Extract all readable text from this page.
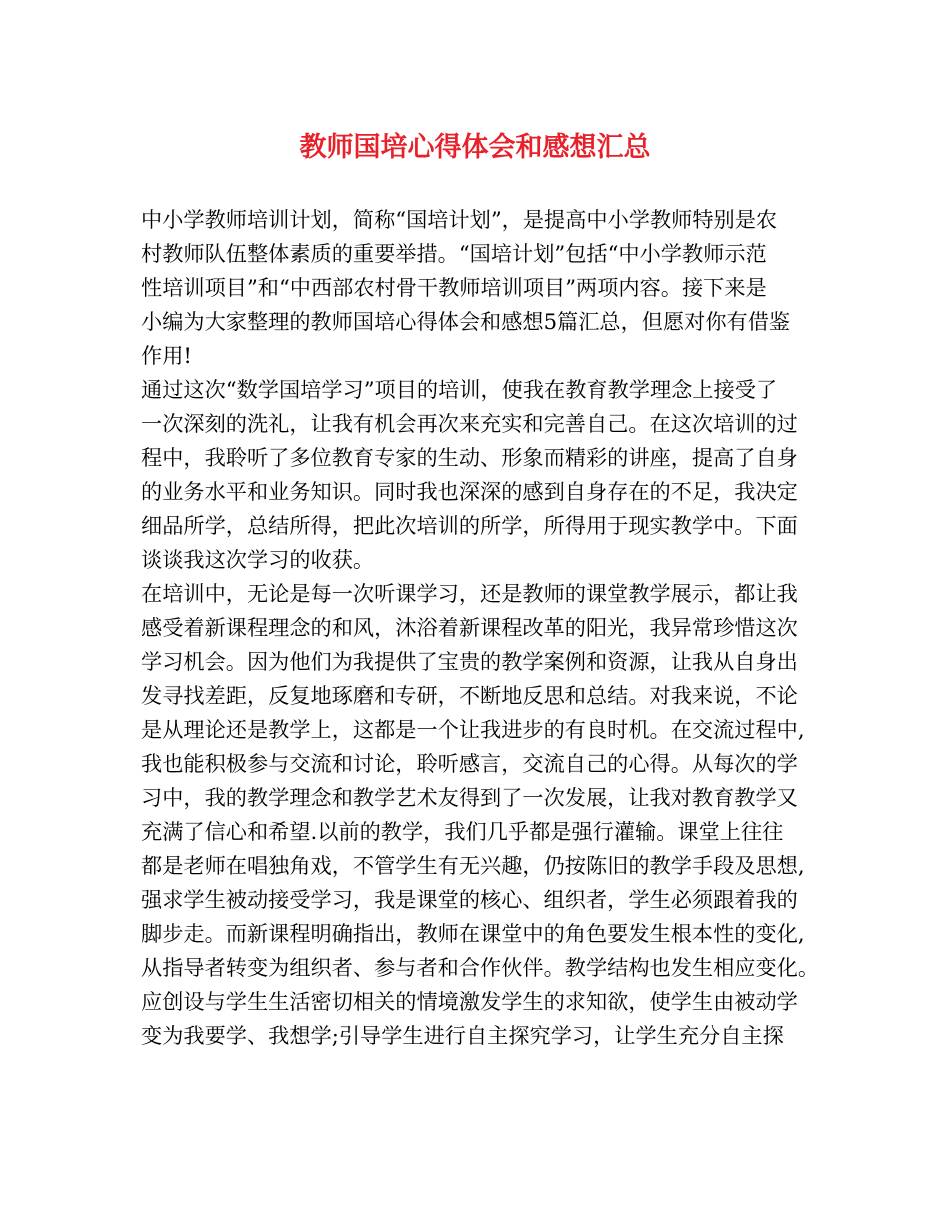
教师国培心得体会和感想汇总
中小学教师培训计划，简称“国培计划”，是提高中小学教师特别是农
村教师队伍整体素质的重要举措。“国培计划”包括“中小学教师示范
性培训项目”和“中西部农村骨干教师培训项目”两项内容。接下来是
小编为大家整理的教师国培心得体会和感想5篇汇总，但愿对你有借鉴
作用!
通过这次“数学国培学习”项目的培训，使我在教育教学理念上接受了
一次深刻的洗礼，让我有机会再次来充实和完善自己。在这次培训的过
程中，我聆听了多位教育专家的生动、形象而精彩的讲座，提高了自身
的业务水平和业务知识。同时我也深深的感到自身存在的不足，我决定
细品所学，总结所得，把此次培训的所学，所得用于现实教学中。下面
谈谈我这次学习的收获。
在培训中，无论是每一次听课学习，还是教师的课堂教学展示，都让我
感受着新课程理念的和风，沐浴着新课程改革的阳光，我异常珍惜这次
学习机会。因为他们为我提供了宝贵的教学案例和资源，让我从自身出
发寻找差距，反复地琢磨和专研，不断地反思和总结。对我来说，不论
是从理论还是教学上，这都是一个让我进步的有良时机。在交流过程中,
我也能积极参与交流和讨论，聆听感言，交流自己的心得。从每次的学
习中，我的教学理念和教学艺术友得到了一次发展，让我对教育教学又
充满了信心和希望.以前的教学，我们几乎都是强行灌输。课堂上往往
都是老师在唱独角戏，不管学生有无兴趣，仍按陈旧的教学手段及思想,
强求学生被动接受学习，我是课堂的核心、组织者，学生必须跟着我的
脚步走。而新课程明确指出，教师在课堂中的角色要发生根本性的变化,
从指导者转变为组织者、参与者和合作伙伴。教学结构也发生相应变化。
应创设与学生生活密切相关的情境激发学生的求知欲，使学生由被动学
变为我要学、我想学;引导学生进行自主探究学习，让学生充分自主探
